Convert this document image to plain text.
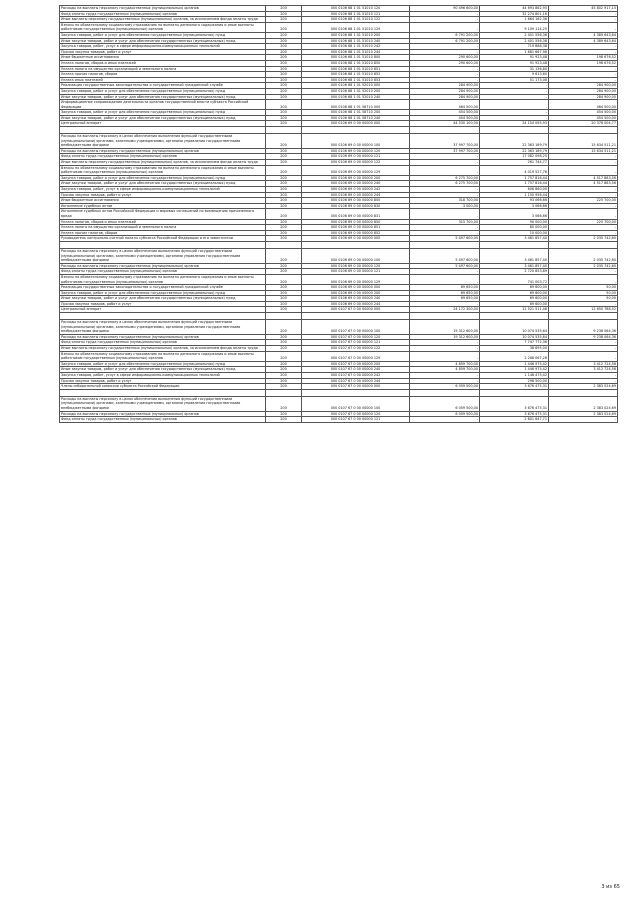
Расходы на выплаты персоналу государственных (муниципальных) органов	200	000 0106 68 1 01 51010 120	90 496 600,00	44 693 862,95	45 802 917,15
Фонд оплаты труда государственных (муниципальных) органов	200	000 0106 68 1 01 51010 121	-	32 274 801,16	-
Иные выплаты персоналу государственных (муниципальных) органов, за исключением фонда оплаты труда	200	000 0106 68 1 01 51010 122	-	1 664 162,36	-
Взносы по обязательному социальному страхованию на выплаты денежного содержания и иные выплаты работникам государственных (муниципальных) органов	200	000 0106 68 1 01 51010 129	-	9 109 114,25	-
Закупка товаров, работ и услуг для обеспечения государственных (муниципальных) нужд	200	000 0106 68 1 01 51010 200	6 791 200,00	2 401 556,36	4 389 643,64
Иные закупки товаров, работ и услуг для обеспечения государственных (муниципальных) нужд	200	000 0106 68 1 01 51010 240	6 791 200,00	2 401 556,36	4 389 643,64
Закупка товаров, работ, услуг в сфере информационно-коммуникационных технологий	200	000 0106 68 1 01 51010 242	-	719 888,38	-
Прочая закупка товаров, работ и услуг	200	000 0106 68 1 01 51010 244	-	1 681 667,98	-
Иные бюджетные ассигнования	200	000 0106 68 1 01 51010 800	290 600,00	91 923,48	198 676,52
Уплата налогов, сборов и иных платежей	200	000 0106 68 1 01 51010 850	290 600,00	91 923,48	198 676,52
Уплата налога на имущество организаций и земельного налога	200	000 0106 68 1 01 51010 851	-	31 136,80	-
Уплата прочих налогов, сборов	200	000 0106 68 1 01 51010 852	-	9 613,60	-
Уплата иных платежей	200	000 0106 68 1 01 51010 853	-	51 173,08	-
Реализация государственных законодательства о государственной гражданской службе	200	000 0106 68 1 01 52010 000	284 900,00	-	284 900,00
Закупка товаров, работ и услуг для обеспечения государственных (муниципальных) нужд	200	000 0106 68 1 01 52010 200	284 900,00	-	284 900,00
Иные закупки товаров, работ и услуг для обеспечения государственных (муниципальных) нужд	200	000 0106 68 1 01 52010 240	284 900,00	-	284 900,00
Информационное сопровождение деятельности органов государственной власти субъекта Российской Федерации	200	000 0106 68 1 01 58710 000	464 500,00	-	464 500,00
Закупка товаров, работ и услуг для обеспечения государственных (муниципальных) нужд	200	000 0106 68 1 01 58710 200	454 500,00	-	454 500,00
Иные закупки товаров, работ и услуг для обеспечения государственных (муниципальных) нужд	200	000 0106 68 1 01 58710 240	454 500,00	-	454 500,00
Центральный аппарат	200	000 0106 69 0 00 00000 000	44 530 100,00	24 154 095,93	20 378 004,77

Расходы на выплаты персоналу в целях обеспечения выполнения функций государственными (муниципальными) органами, казенными учреждениями, органами управления государственными внебюджетными фондами	200	000 0106 69 0 00 00000 100	37 997 700,00	22 363 189,79	15 634 511,21
Расходы на выплаты персоналу государственных (муниципальных) органов	200	000 0106 69 0 00 00000 120	37 997 700,00	22 363 189,79	15 634 511,21
Фонд оплаты труда государственных (муниципальных) органов	200	000 0106 69 0 00 00000 121	-	17 082 098,25	-
Иные выплаты персоналу государственных (муниципальных) органов, за исключением фонда оплаты труда	200	000 0106 69 0 00 00000 122	-	261 744,77	-
Взносы по обязательному социальному страхованию на выплаты денежного содержания и иные выплаты работникам государственных (муниципальных) органов	200	000 0106 69 0 00 00000 129	-	4 019 527,76	-
Закупка товаров, работ и услуг для обеспечения государственных (муниципальных) нужд	200	000 0106 69 0 00 00000 200	6 275 700,00	1 757 816,44	4 517 883,56
Иные закупки товаров, работ и услуг для обеспечения государственных (муниципальных) нужд	200	000 0106 69 0 00 00000 240	6 275 700,00	1 757 816,44	4 517 883,56
Закупка товаров, работ, услуг в сфере информационно-коммуникационных технологий	200	000 0106 69 0 00 00000 242	-	606 860,00	-
Прочая закупка товаров, работ и услуг	200	000 0106 69 0 00 00000 244	-	1 150 956,44	-
Иные бюджетные ассигнования	200	000 0106 69 0 00 00000 800	318 700,00	93 066,66	225 700,00
Исполнение судебных актов	200	000 0106 69 0 00 00000 830	3 000,00	3 066,66	-
Исполнение судебных актов Российской Федерации и мировых соглашений по возмещению причиненного вреда	200	000 0106 69 0 00 00000 831	-	3 066,66	-
Уплата налогов, сборов и иных платежей	200	000 0106 69 0 00 00000 850	315 700,00	90 000,00	225 700,00
Уплата налога на имущество организаций и земельного налога	200	000 0106 69 0 00 00000 851	-	80 000,00	-
Уплата прочих налогов, сборов	200	000 0106 69 0 00 00000 852	-	10 000,00	-
Руководитель контрольно-счетной палаты субъекта Российской Федерации и его заместители	200	000 0106 69 0 00 00000 000	5 497 600,00	3 461 857,40	2 035 742,60

Расходы на выплаты персоналу в целях обеспечения выполнения функций государственными (муниципальными) органами, казенными учреждениями, органами управления государственными внебюджетными фондами	200	000 0106 69 0 00 00000 100	5 497 600,00	3 461 857,40	2 035 742,60
Расходы на выплаты персоналу государственных (муниципальных) органов	200	000 0106 69 0 00 00000 120	5 497 600,00	3 461 857,40	2 035 742,60
Фонд оплаты труда государственных (муниципальных) органов	200	000 0106 69 0 00 00000 121	-	2 720 853,89	-
Взносы по обязательному социальному страхованию на выплаты денежного содержания и иные выплаты работникам государственных (муниципальных) органов	200	000 0106 69 0 00 00000 129	-	741 003,72	-
Реализация государственных законодательства о государственной гражданской службе	200	000 0106 69 0 00 00000 000	69 650,00	69 600,00	50,00
Закупка товаров, работ и услуг для обеспечения государственных (муниципальных) нужд	200	000 0106 69 0 00 00000 200	69 650,00	69 600,00	50,00
Иные закупки товаров, работ и услуг для обеспечения государственных (муниципальных) нужд	200	000 0106 69 0 00 00000 240	69 650,00	69 600,00	50,00
Прочая закупка товаров, работ и услуг	200	000 0106 69 0 00 00000 244	-	69 600,00	-
Центральный аппарат	200	000 0107 67 0 00 00000 000	24 172 300,00	11 521 511,48	12 650 788,52

Расходы на выплаты персоналу в целях обеспечения выполнения функций государственными (муниципальными) органами, казенными учреждениями, органами управления государственными внебюджетными фондами	200	000 0107 67 0 00 00000 100	19 312 600,00	10 074 535,64	9 238 064,36
Расходы на выплаты персоналу государственных (муниципальных) органов	200	000 0107 67 0 00 00000 120	19 312 600,00	10 074 535,64	9 238 064,36
Фонд оплаты труда государственных (муниципальных) органов	200	000 0107 67 0 00 00000 121	-	7 747 772,36	-
Иные выплаты персоналу государственных (муниципальных) органов, за исключением фонда оплаты труда	200	000 0107 67 0 00 00000 122	-	38 695,00	-
Взносы по обязательному социальному страхованию на выплаты денежного содержания и иные выплаты работникам государственных (муниципальных) органов	200	000 0107 67 0 00 00000 129	-	2 288 067,28	-
Закупка товаров, работ и услуг для обеспечения государственных (муниципальных) нужд	200	000 0107 67 0 00 00000 200	4 859 700,00	1 446 975,42	3 412 724,58
Иные закупки товаров, работ и услуг для обеспечения государственных (муниципальных) нужд	200	000 0107 67 0 00 00000 240	4 859 700,00	1 446 975,42	3 412 724,58
Закупка товаров, работ, услуг в сфере информационно-коммуникационных технологий	200	000 0107 67 0 00 00000 242	-	1 148 475,42	-
Прочая закупка товаров, работ и услуг	200	000 0107 67 0 00 00000 244	-	298 500,00	-
Члены избирательной комиссии субъекта Российской Федерации	200	000 0107 67 0 00 00000 000	6 059 500,00	3 676 475,31	2 383 024,69

Расходы на выплаты персоналу в целях обеспечения выполнения функций государственными (муниципальными) органами, казенными учреждениями, органами управления государственными внебюджетными фондами	200	000 0107 67 0 00 00000 100	6 059 500,00	3 676 475,31	2 383 024,69
Расходы на выплаты персоналу государственных (муниципальных) органов	200	000 0107 67 0 00 00000 120	6 059 500,00	3 676 475,31	2 383 024,69
Фонд оплаты труда государственных (муниципальных) органов	200	000 0107 67 0 00 00000 121	-	2 801 647,71	-
3 из 65
